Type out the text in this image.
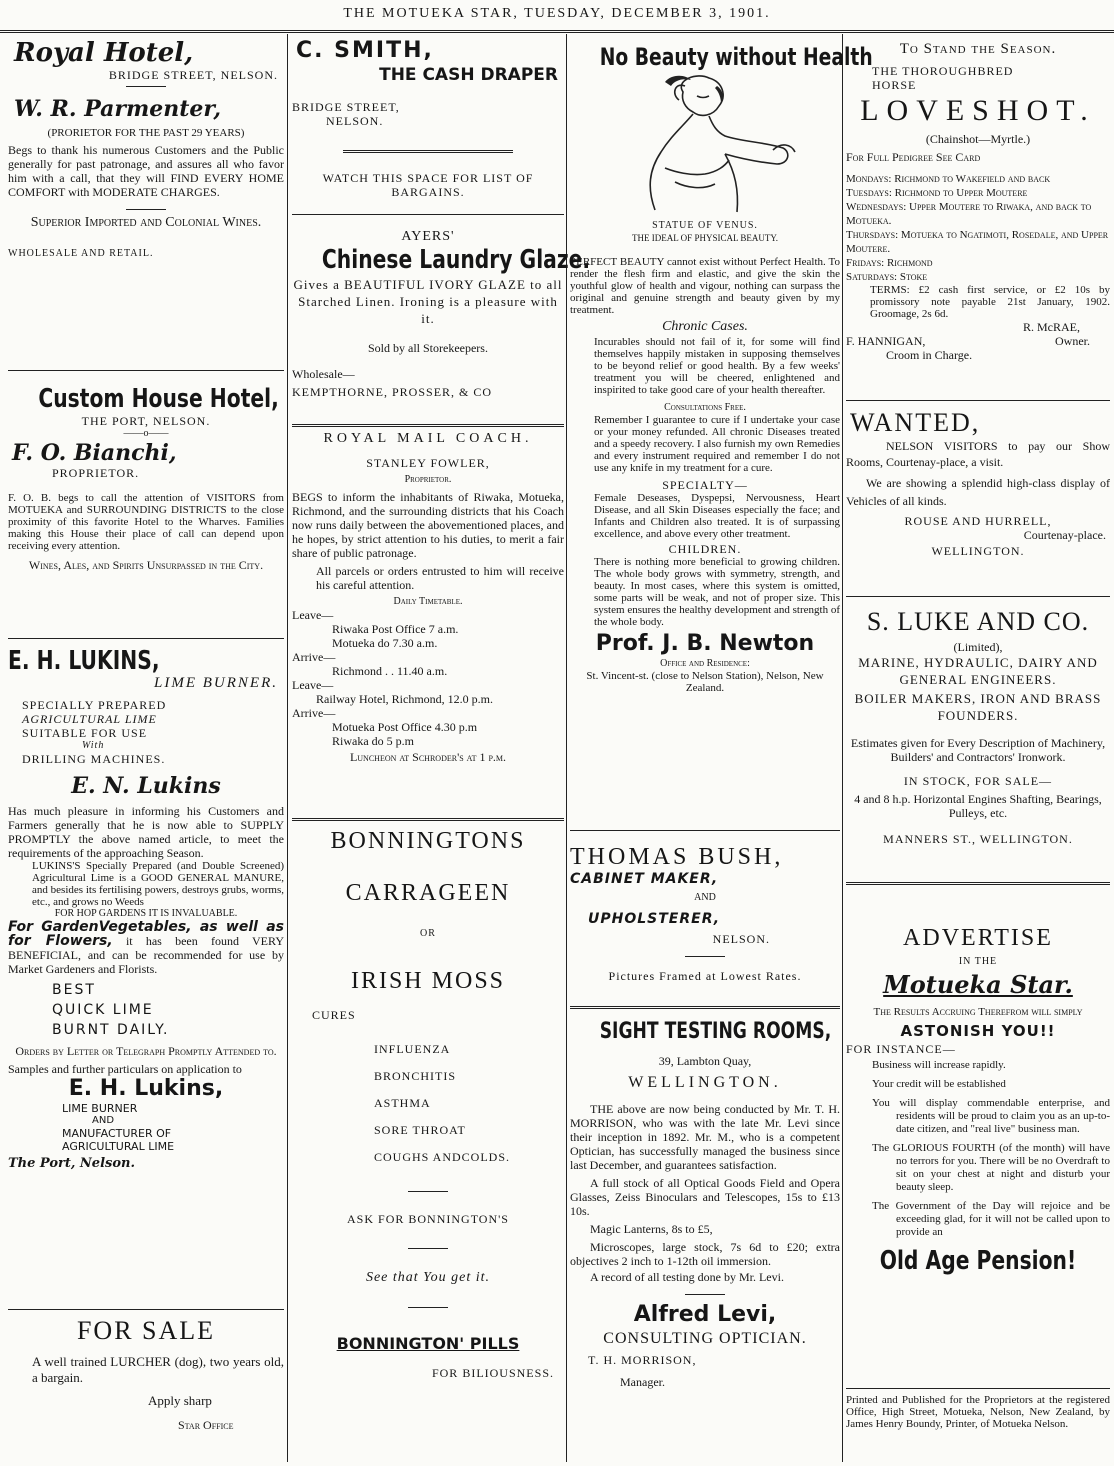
THE MOTUEKA STAR, TUESDAY, DECEMBER 3, 1901.

Royal Hotel,

BRIDGE STREET, NELSON.

W. R. Parmenter,

(PRORIETOR FOR THE PAST 29 YEARS)

Begs to thank his numerous Customers and the Public generally for past patronage, and assures all who favor him with a call, that they will FIND EVERY HOME COMFORT with MODERATE CHARGES.

Superior Imported and Colonial Wines.

WHOLESALE AND RETAIL.

Custom House Hotel,

THE PORT, NELSON.

——o——

F. O. Bianchi,

PROPRIETOR.

F. O. B. begs to call the attention of VISITORS from MOTUEKA and SURROUNDING DISTRICTS to the close proximity of this favorite Hotel to the Wharves. Families making this House their place of call can depend upon receiving every attention.

Wines, Ales, and Spirits Unsurpassed in the City.

E. H. LUKINS,

LIME BURNER.

SPECIALLY PREPARED

AGRICULTURAL LIME

SUITABLE FOR USE

With

DRILLING MACHINES.

E. N. Lukins

Has much pleasure in informing his Customers and Farmers generally that he is now able to SUPPLY PROMPTLY the above named article, to meet the requirements of the approaching Season.

LUKINS'S Specially Prepared (and Double Screened) Agricultural Lime is a GOOD GENERAL MANURE, and besides its fertilising powers, destroys grubs, worms, etc., and grows no Weeds

FOR HOP GARDENS IT IS INVALUABLE.

For GardenVegetables, as well as for Flowers, it has been found VERY BENEFICIAL, and can be recommended for use by Market Gardeners and Florists.

BEST

QUICK LIME

BURNT DAILY.

Orders by Letter or Telegraph Promptly Attended to.

Samples and further particulars on application to

E. H. Lukins,

LIME BURNER

AND

MANUFACTURER OF

AGRICULTURAL LIME

The Port, Nelson.

FOR SALE

A well trained LURCHER (dog), two years old, a bargain.

Apply sharp

Star Office

C. SMITH,

THE CASH DRAPER

BRIDGE STREET,

NELSON.

WATCH THIS SPACE FOR LIST OF BARGAINS.

AYERS'

Chinese Laundry Glaze.

Gives a BEAUTIFUL IVORY GLAZE to all Starched Linen. Ironing is a pleasure with it.

Sold by all Storekeepers.

Wholesale—

KEMPTHORNE, PROSSER, & CO

ROYAL MAIL COACH.

STANLEY FOWLER,

Proprietor.

BEGS to inform the inhabitants of Riwaka, Motueka, Richmond, and the surrounding districts that his Coach now runs daily between the abovementioned places, and he hopes, by strict attention to his duties, to merit a fair share of public patronage.

All parcels or orders entrusted to him will receive his careful attention.

Daily Timetable.

Leave—

Riwaka Post Office 7 a.m.

Motueka do 7.30 a.m.

Arrive—

Richmond . . 11.40 a.m.

Leave—

Railway Hotel, Richmond, 12.0 p.m.

Arrive—

Motueka Post Office 4.30 p.m

Riwaka do 5 p.m

Luncheon at Schroder's at 1 p.m.

BONNINGTONS

CARRAGEEN

OR

IRISH MOSS

CURES

INFLUENZA

BRONCHITIS

ASTHMA

SORE THROAT

COUGHS ANDCOLDS.

ASK FOR BONNINGTON'S

See that You get it.

BONNINGTON' PILLS

FOR BILIOUSNESS.

No Beauty without Health

STATUE OF VENUS.

THE IDEAL OF PHYSICAL BEAUTY.

PERFECT BEAUTY cannot exist without Perfect Health. To render the flesh firm and elastic, and give the skin the youthful glow of health and vigour, nothing can surpass the original and genuine strength and beauty given by my treatment.

Chronic Cases.

Incurables should not fail of it, for some will find themselves happily mistaken in supposing themselves to be beyond relief or good health. By a few weeks' treatment you will be cheered, enlightened and inspirited to take good care of your health thereafter.

Consultations Free.

Remember I guarantee to cure if I undertake your case or your money refunded. All chronic Diseases treated and a speedy recovery. I also furnish my own Remedies and every instrument required and remember I do not use any knife in my treatment for a cure.

SPECIALTY—

Female Deseases, Dyspepsi, Nervousness, Heart Disease, and all Skin Diseases especially the face; and Infants and Children also treated. It is of surpassing excellence, and above every other treatment.

CHILDREN.

There is nothing more beneficial to growing children. The whole body grows with symmetry, strength, and beauty. In most cases, where this system is omitted, some parts will be weak, and not of proper size. This system ensures the healthy development and strength of the whole body.

Prof. J. B. Newton

Office and Residence:

St. Vincent-st. (close to Nelson Station), Nelson, New Zealand.

THOMAS BUSH,

CABINET MAKER,

AND

UPHOLSTERER,

NELSON.

Pictures Framed at Lowest Rates.

SIGHT TESTING ROOMS,

39, Lambton Quay,

WELLINGTON.

THE above are now being conducted by Mr. T. H. MORRISON, who was with the late Mr. Levi since their inception in 1892. Mr. M., who is a competent Optician, has successfully managed the business since last December, and guarantees satisfaction.

A full stock of all Optical Goods Field and Opera Glasses, Zeiss Binoculars and Telescopes, 15s to £13 10s.

Magic Lanterns, 8s to £5,

Microscopes, large stock, 7s 6d to £20; extra objectives 2 inch to 1-12th oil immersion.

A record of all testing done by Mr. Levi.

Alfred Levi,

CONSULTING OPTICIAN.

T. H. MORRISON,

Manager.

To Stand the Season.

THE THOROUGHBRED HORSE

LOVESHOT.

(Chainshot—Myrtle.)

For Full Pedigree See Card

Mondays: Richmond to Wakefield and back

Tuesdays: Richmond to Upper Moutere

Wednesdays: Upper Moutere to Riwaka, and back to Motueka.

Thursdays: Motueka to Ngatimoti, Rosedale, and Upper Moutere.

Fridays: Richmond

Saturdays: Stoke

TERMS: £2 cash first service, or £2 10s by promissory note payable 21st January, 1902. Groomage, 2s 6d.

R. McRAE,

F. HANNIGAN,	Owner.

Croom in Charge.

WANTED,

NELSON VISITORS to pay our Show Rooms, Courtenay-place, a visit.

We are showing a splendid high-class display of Vehicles of all kinds.

ROUSE AND HURRELL,

Courtenay-place.

WELLINGTON.

S. LUKE AND CO.

(Limited),

MARINE, HYDRAULIC, DAIRY AND GENERAL ENGINEERS.

BOILER MAKERS, IRON AND BRASS FOUNDERS.

Estimates given for Every Description of Machinery, Builders' and Contractors' Ironwork.

IN STOCK, FOR SALE—

4 and 8 h.p. Horizontal Engines Shafting, Bearings, Pulleys, etc.

MANNERS ST., WELLINGTON.

ADVERTISE

IN THE

Motueka Star.

The Results Accruing Therefrom will simply

ASTONISH YOU!!

FOR INSTANCE—

Business will increase rapidly.

Your credit will be established

You will display commendable enterprise, and residents will be proud to claim you as an up-to-date citizen, and "real live" business man.

The GLORIOUS FOURTH (of the month) will have no terrors for you. There will be no Overdraft to sit on your chest at night and disturb your beauty sleep.

The Government of the Day will rejoice and be exceeding glad, for it will not be called upon to provide an

Old Age Pension!

Printed and Published for the Proprietors at the registered Office, High Street, Motueka, Nelson, New Zealand, by James Henry Boundy, Printer, of Motueka Nelson.
